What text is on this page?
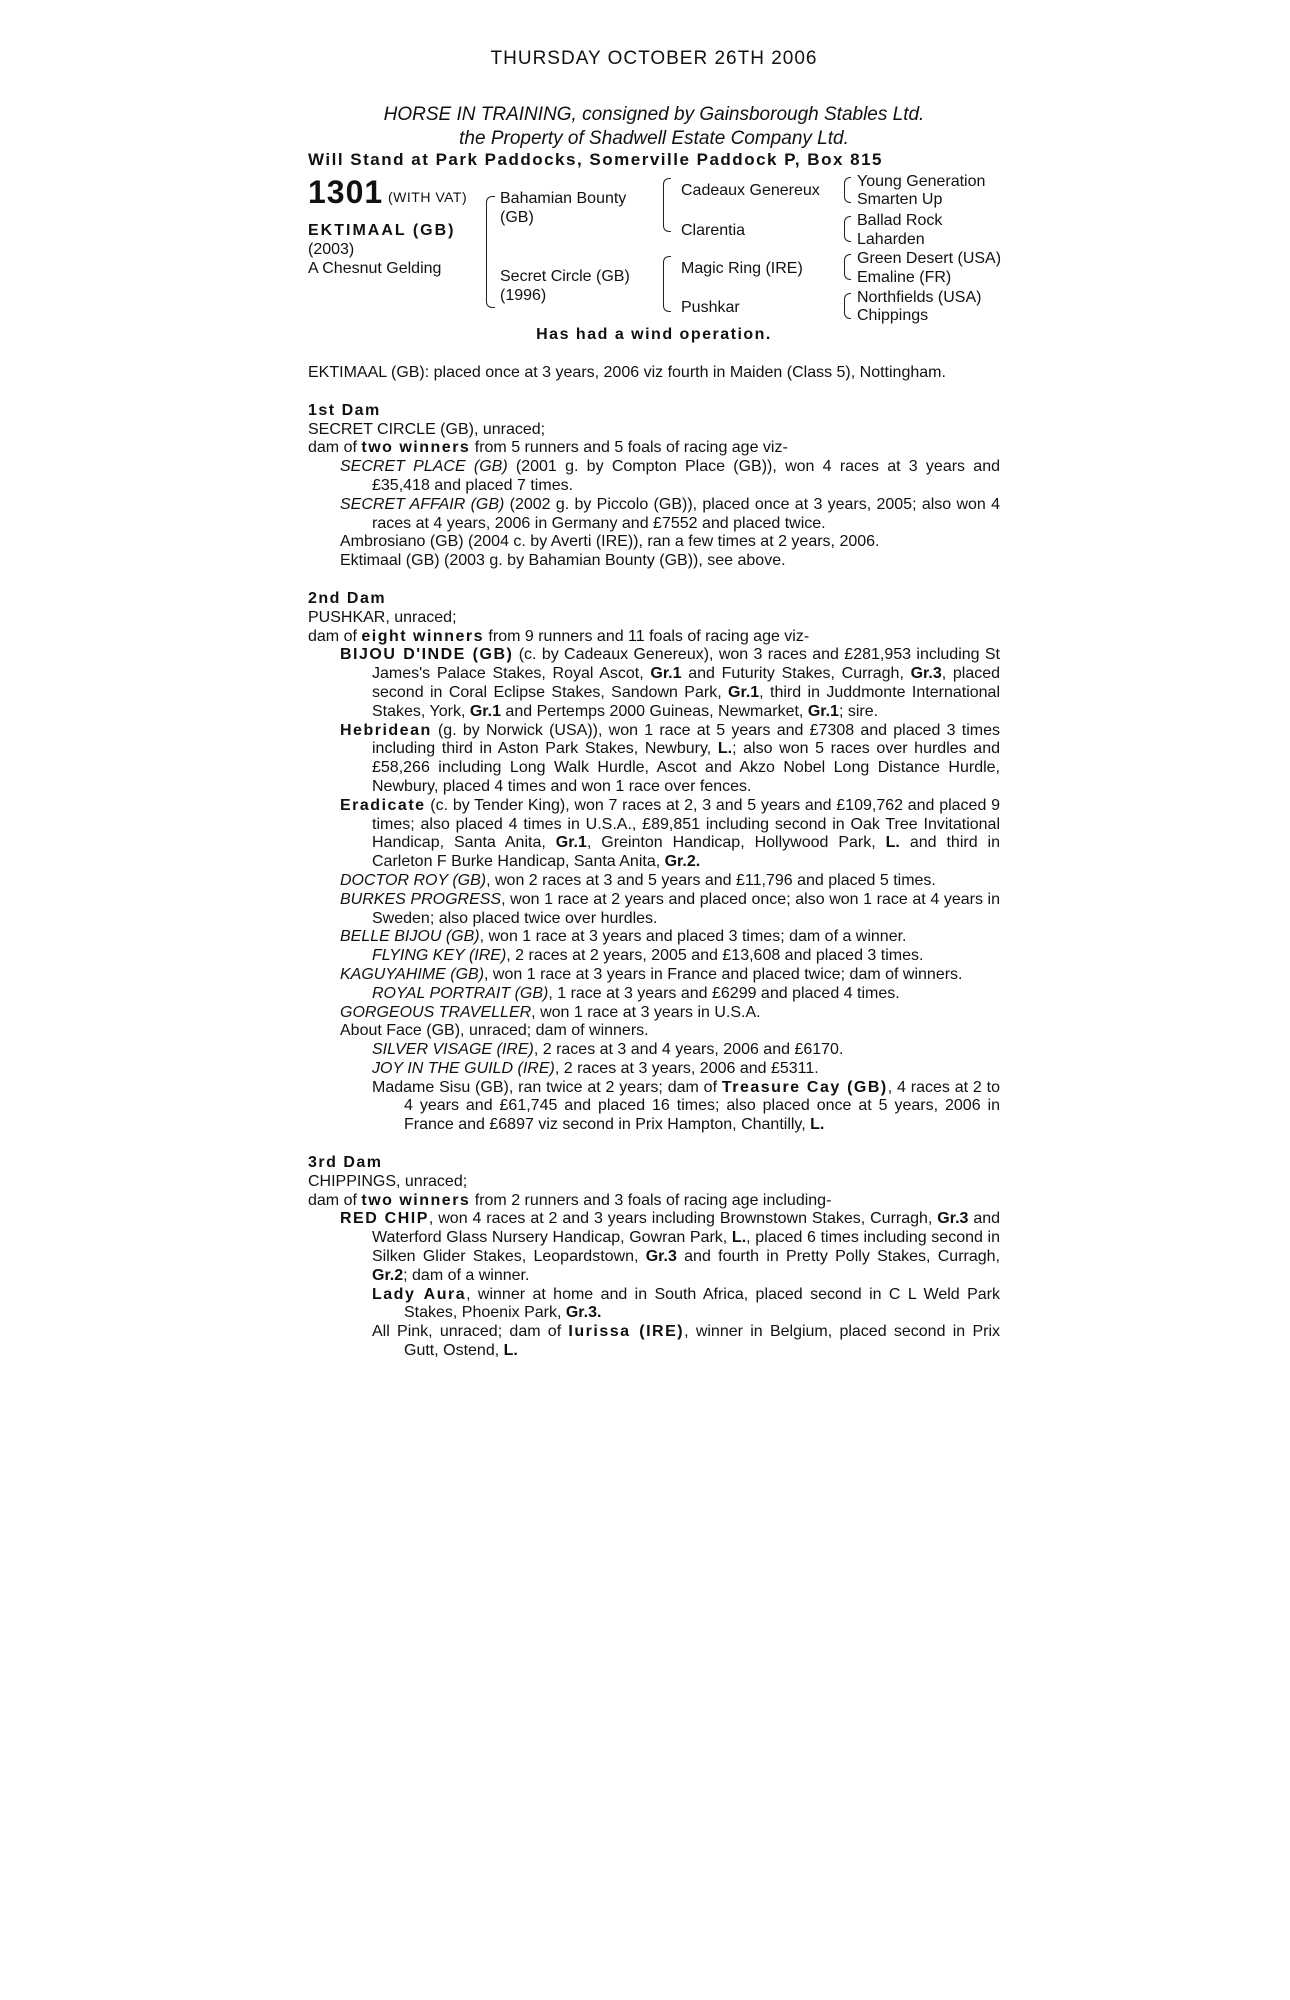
THURSDAY OCTOBER 26TH 2006
HORSE IN TRAINING, consigned by Gainsborough Stables Ltd.
the Property of Shadwell Estate Company Ltd.
Will Stand at Park Paddocks, Somerville Paddock P, Box 815
1301 (WITH VAT)
EKTIMAAL (GB)
(2003)
A Chesnut Gelding
Bahamian Bounty
(GB)
Secret Circle (GB)
(1996)
Cadeaux Genereux
Clarentia
Magic Ring (IRE)
Pushkar
Young Generation
Smarten Up
Ballad Rock
Laharden
Green Desert (USA)
Emaline (FR)
Northfields (USA)
Chippings
Has had a wind operation.

EKTIMAAL (GB): placed once at 3 years, 2006 viz fourth in Maiden (Class 5), Nottingham.

1st Dam

SECRET CIRCLE (GB), unraced;

dam of two winners from 5 runners and 5 foals of racing age viz-

SECRET PLACE (GB) (2001 g. by Compton Place (GB)), won 4 races at 3 years and £35,418 and placed 7 times.

SECRET AFFAIR (GB) (2002 g. by Piccolo (GB)), placed once at 3 years, 2005; also won 4 races at 4 years, 2006 in Germany and £7552 and placed twice.

Ambrosiano (GB) (2004 c. by Averti (IRE)), ran a few times at 2 years, 2006.

Ektimaal (GB) (2003 g. by Bahamian Bounty (GB)), see above.

2nd Dam

PUSHKAR, unraced;

dam of eight winners from 9 runners and 11 foals of racing age viz-

BIJOU D'INDE (GB) (c. by Cadeaux Genereux), won 3 races and £281,953 including St James's Palace Stakes, Royal Ascot, Gr.1 and Futurity Stakes, Curragh, Gr.3, placed second in Coral Eclipse Stakes, Sandown Park, Gr.1, third in Juddmonte International Stakes, York, Gr.1 and Pertemps 2000 Guineas, Newmarket, Gr.1; sire.

Hebridean (g. by Norwick (USA)), won 1 race at 5 years and £7308 and placed 3 times including third in Aston Park Stakes, Newbury, L.; also won 5 races over hurdles and £58,266 including Long Walk Hurdle, Ascot and Akzo Nobel Long Distance Hurdle, Newbury, placed 4 times and won 1 race over fences.

Eradicate (c. by Tender King), won 7 races at 2, 3 and 5 years and £109,762 and placed 9 times; also placed 4 times in U.S.A., £89,851 including second in Oak Tree Invitational Handicap, Santa Anita, Gr.1, Greinton Handicap, Hollywood Park, L. and third in Carleton F Burke Handicap, Santa Anita, Gr.2.

DOCTOR ROY (GB), won 2 races at 3 and 5 years and £11,796 and placed 5 times.

BURKES PROGRESS, won 1 race at 2 years and placed once; also won 1 race at 4 years in Sweden; also placed twice over hurdles.

BELLE BIJOU (GB), won 1 race at 3 years and placed 3 times; dam of a winner.

FLYING KEY (IRE), 2 races at 2 years, 2005 and £13,608 and placed 3 times.

KAGUYAHIME (GB), won 1 race at 3 years in France and placed twice; dam of winners.

ROYAL PORTRAIT (GB), 1 race at 3 years and £6299 and placed 4 times.

GORGEOUS TRAVELLER, won 1 race at 3 years in U.S.A.

About Face (GB), unraced; dam of winners.

SILVER VISAGE (IRE), 2 races at 3 and 4 years, 2006 and £6170.

JOY IN THE GUILD (IRE), 2 races at 3 years, 2006 and £5311.

Madame Sisu (GB), ran twice at 2 years; dam of Treasure Cay (GB), 4 races at 2 to 4 years and £61,745 and placed 16 times; also placed once at 5 years, 2006 in France and £6897 viz second in Prix Hampton, Chantilly, L.

3rd Dam

CHIPPINGS, unraced;

dam of two winners from 2 runners and 3 foals of racing age including-

RED CHIP, won 4 races at 2 and 3 years including Brownstown Stakes, Curragh, Gr.3 and Waterford Glass Nursery Handicap, Gowran Park, L., placed 6 times including second in Silken Glider Stakes, Leopardstown, Gr.3 and fourth in Pretty Polly Stakes, Curragh, Gr.2; dam of a winner.

Lady Aura, winner at home and in South Africa, placed second in C L Weld Park Stakes, Phoenix Park, Gr.3.

All Pink, unraced; dam of Iurissa (IRE), winner in Belgium, placed second in Prix Gutt, Ostend, L.
